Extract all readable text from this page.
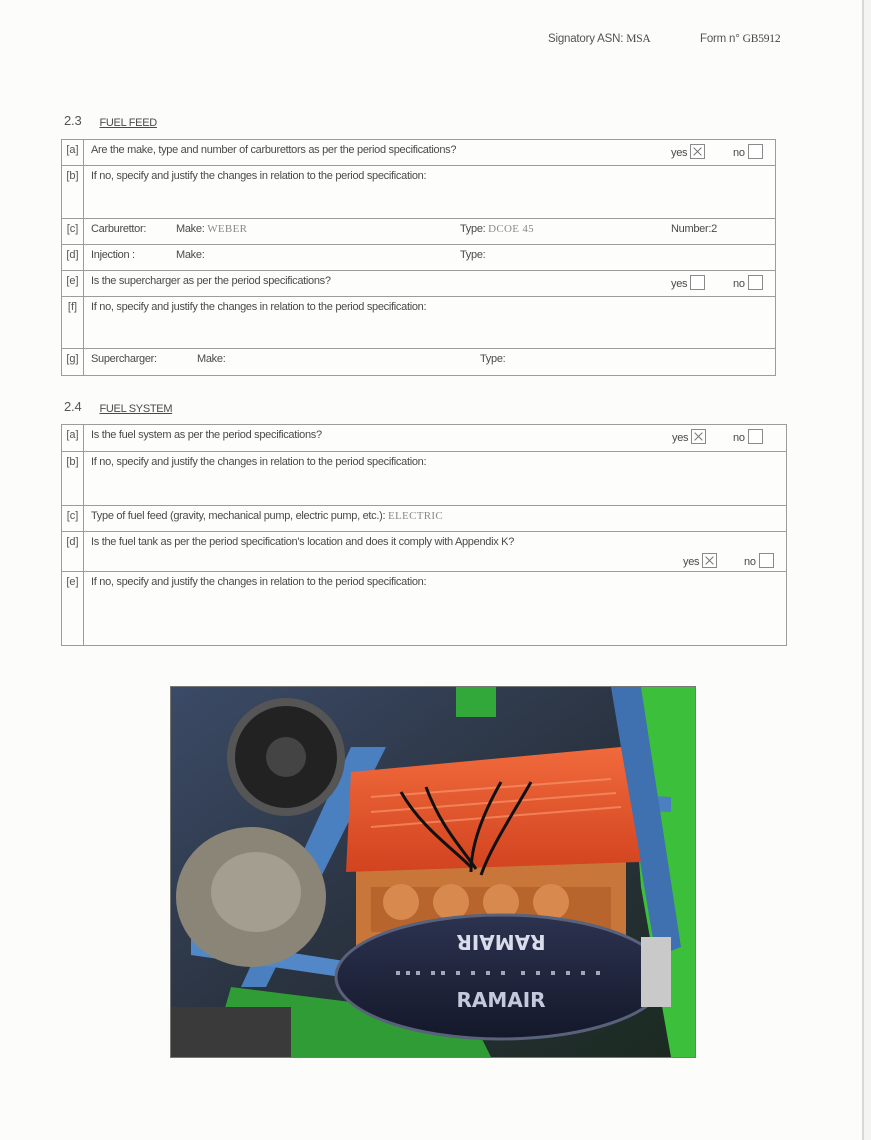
Signatory ASN: MSA	Form n° GB5912
2.3 FUEL FEED
[a]	Are the make, type and number of carburettors as per the period specifications?	yes	no
[b]	If no, specify and justify the changes in relation to the period specification:
[c]	Carburettor:	Make: WEBER	Type: DCOE 45	Number:2
[d]	Injection :	Make:	Type:
[e]	Is the supercharger as per the period specifications?	yes	no
[f]	If no, specify and justify the changes in relation to the period specification:
[g]	Supercharger:	Make:	Type:
2.4 FUEL SYSTEM
[a]	Is the fuel system as per the period specifications?	yes	no
[b]	If no, specify and justify the changes in relation to the period specification:
[c]	Type of fuel feed (gravity, mechanical pump, electric pump, etc.): ELECTRIC
[d]	Is the fuel tank as per the period specification's location and does it comply with Appendix K?
yes	no
[e]	If no, specify and justify the changes in relation to the period specification:
RAMAIR
RAMAIR
